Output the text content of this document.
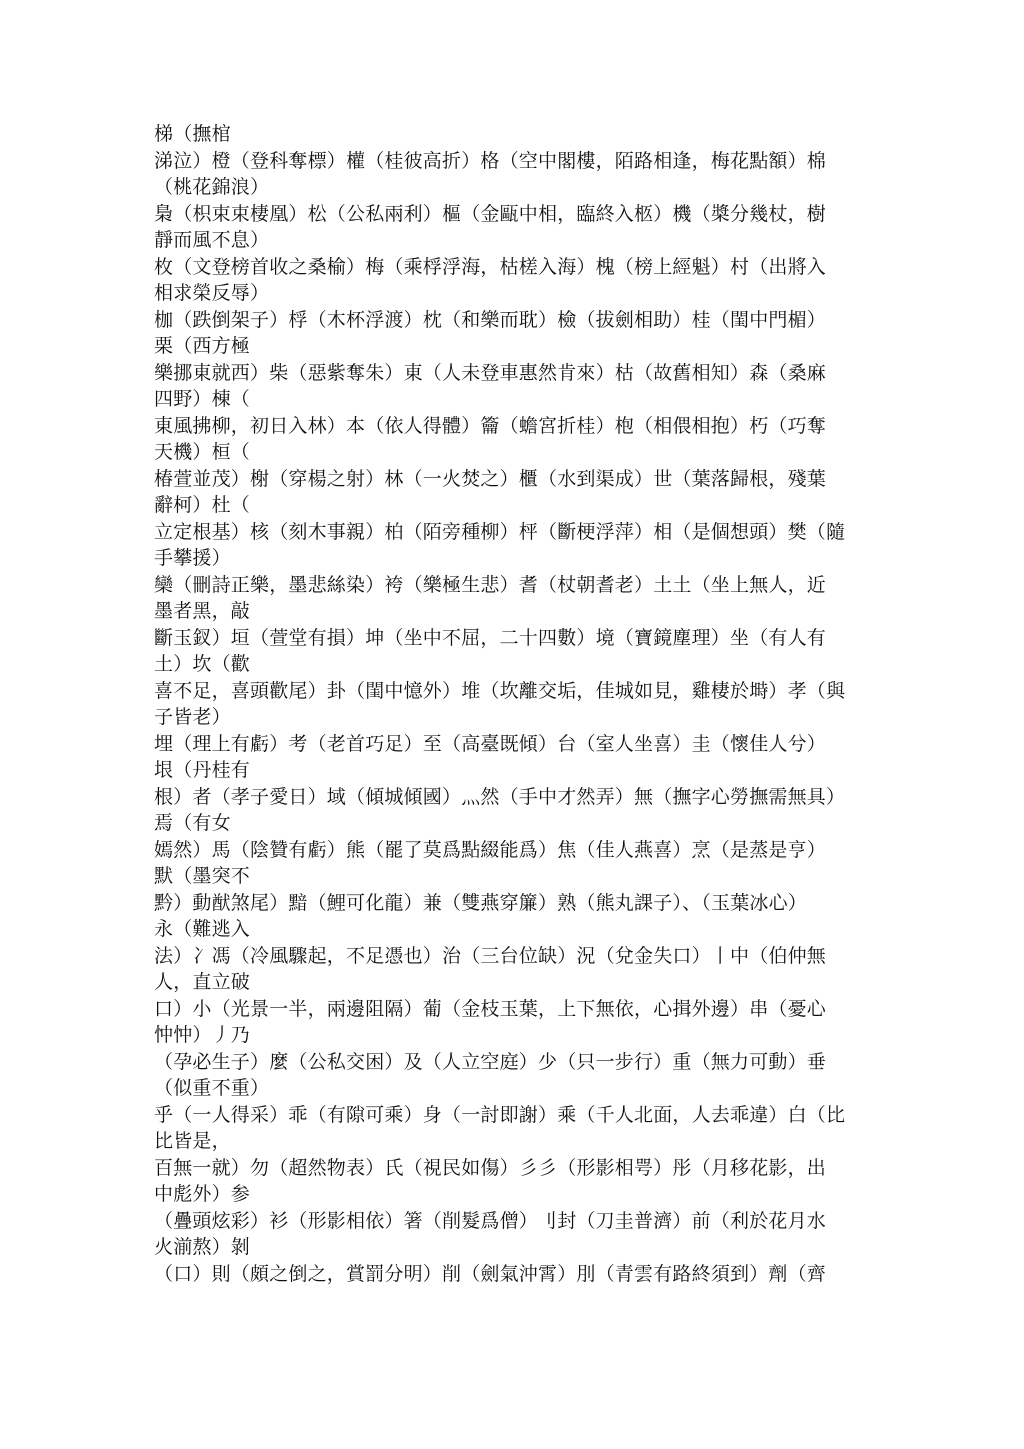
梯（撫棺
涕泣）橙（登科奪標）權（桂彼高折）格（空中閣樓，陌路相逢，梅花點額）棉
（桃花錦浪）
梟（枳束束棲凰）松（公私兩利）樞（金甌中相，臨終入柩）機（槳分幾杖，樹
靜而風不息）
枚（文登榜首收之桑榆）梅（乘桴浮海，枯槎入海）槐（榜上經魁）村（出將入
相求榮反辱）
枷（跌倒架子）桴（木杯浮渡）枕（和樂而耽）檢（拔劍相助）桂（閨中門楣）
栗（西方極
樂挪東就西）柴（惡紫奪朱）東（人未登車惠然肯來）枯（故舊相知）森（桑麻
四野）棟（
東風拂柳，初日入林）本（依人得體）籥（蟾宮折桂）枹（相偎相抱）朽（巧奪
天機）桓（
椿萱並茂）榭（穿楊之射）林（一火焚之）櫃（水到渠成）世（葉落歸根，殘葉
辭柯）杜（
立定根基）核（刻木事親）柏（陌旁種柳）枰（斷梗浮萍）相（是個想頭）樊（隨
手攀援）
欒（刪詩正樂，墨悲絲染）袴（樂極生悲）耆（杖朝耆老）土土（坐上無人，近
墨者黑，敲
斷玉釵）垣（萱堂有損）坤（坐中不屈，二十四數）境（寶鏡塵理）坐（有人有
土）坎（歡
喜不足，喜頭歡尾）卦（閨中憶外）堆（坎離交垢，佳城如見，雞棲於塒）孝（與
子皆老）
埋（理上有虧）考（老首巧足）至（高臺既傾）台（室人坐喜）圭（懷佳人兮）
垠（丹桂有
根）者（孝子愛日）域（傾城傾國）灬然（手中才然弄）無（撫字心勞撫需無具）
焉（有女
嫣然）馬（陰贊有虧）熊（罷了莫爲點綴能爲）焦（佳人燕喜）烹（是蒸是亨）
默（墨突不
黔）動猷煞尾）黯（鯉可化龍）兼（雙燕穿簾）熟（熊丸課子）、（玉葉冰心）
永（難逃入
法）冫馮（冷風驟起，不足憑也）治（三台位缺）況（兌金失口）丨中（伯仲無
人，直立破
口）小（光景一半，兩邊阻隔）葡（金枝玉葉，上下無依，心揖外邊）串（憂心
忡忡）丿乃
（孕必生子）麼（公私交困）及（人立空庭）少（只一步行）重（無力可動）垂
（似重不重）
乎（一人得采）乖（有隙可乘）身（一討即謝）乘（千人北面，人去乖違）白（比
比皆是，
百無一就）勿（超然物表）氏（視民如傷）彡彡（形影相咢）彤（月移花影，出
中彪外）参
（疊頭炫彩）衫（形影相依）箸（削髮爲僧）刂封（刀圭普濟）前（利於花月水
火湔熬）剝
（口）則（頗之倒之，賞罰分明）削（劍氣沖霄）刖（青雲有路終須到）劑（齊
